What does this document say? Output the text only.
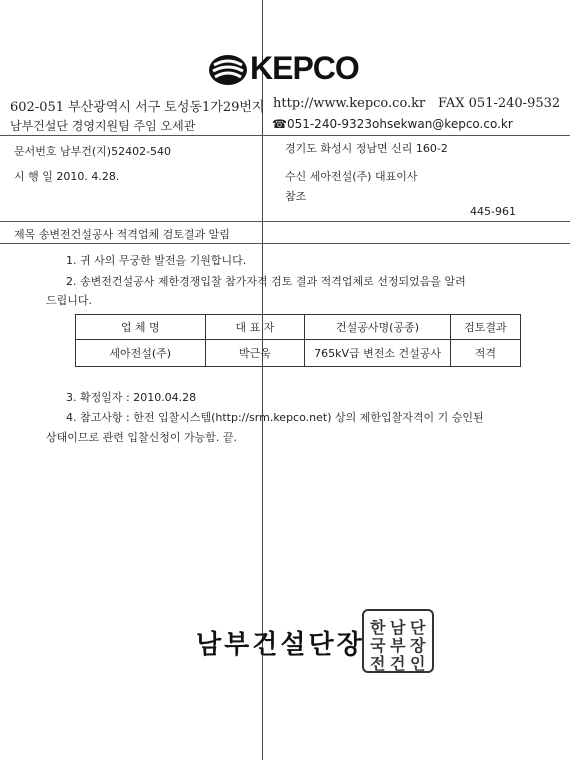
KEPCO
602-051 부산광역시 서구 토성동1가29번지 http://www.kepco.co.kr FAX 051-240-9532
남부건설단 경영지원팀 주임 오세관	☎051-240-9323 ohsekwan@kepco.co.kr
문서번호 남부건(지)52402-540	경기도 화성시 정남면 신리 160-2
시 행 일 2010. 4.28.	수신 세아전설(주) 대표이사
참조
445-961
제목 송변전건설공사 적격업체 검토결과 알림
1. 귀 사의 무궁한 발전을 기원합니다.
2. 송변전건설공사 제한경쟁입찰 참가자격 검토 결과 적격업체로 선정되었음을 알려
드립니다.
업 체 명	대 표 자	건설공사명(공종)	검토결과
세아전설(주)	박근욱	765kV급 변전소 건설공사	적격
3. 확정일자 : 2010.04.28
4. 참고사항 : 한전 입찰시스템(http://srm.kepco.net) 상의 제한입찰자격이 기 승인된
상태이므로 관련 입찰신청이 가능함. 끝.
남부건설단장
한 남 단
국 부 장
전 건 인
